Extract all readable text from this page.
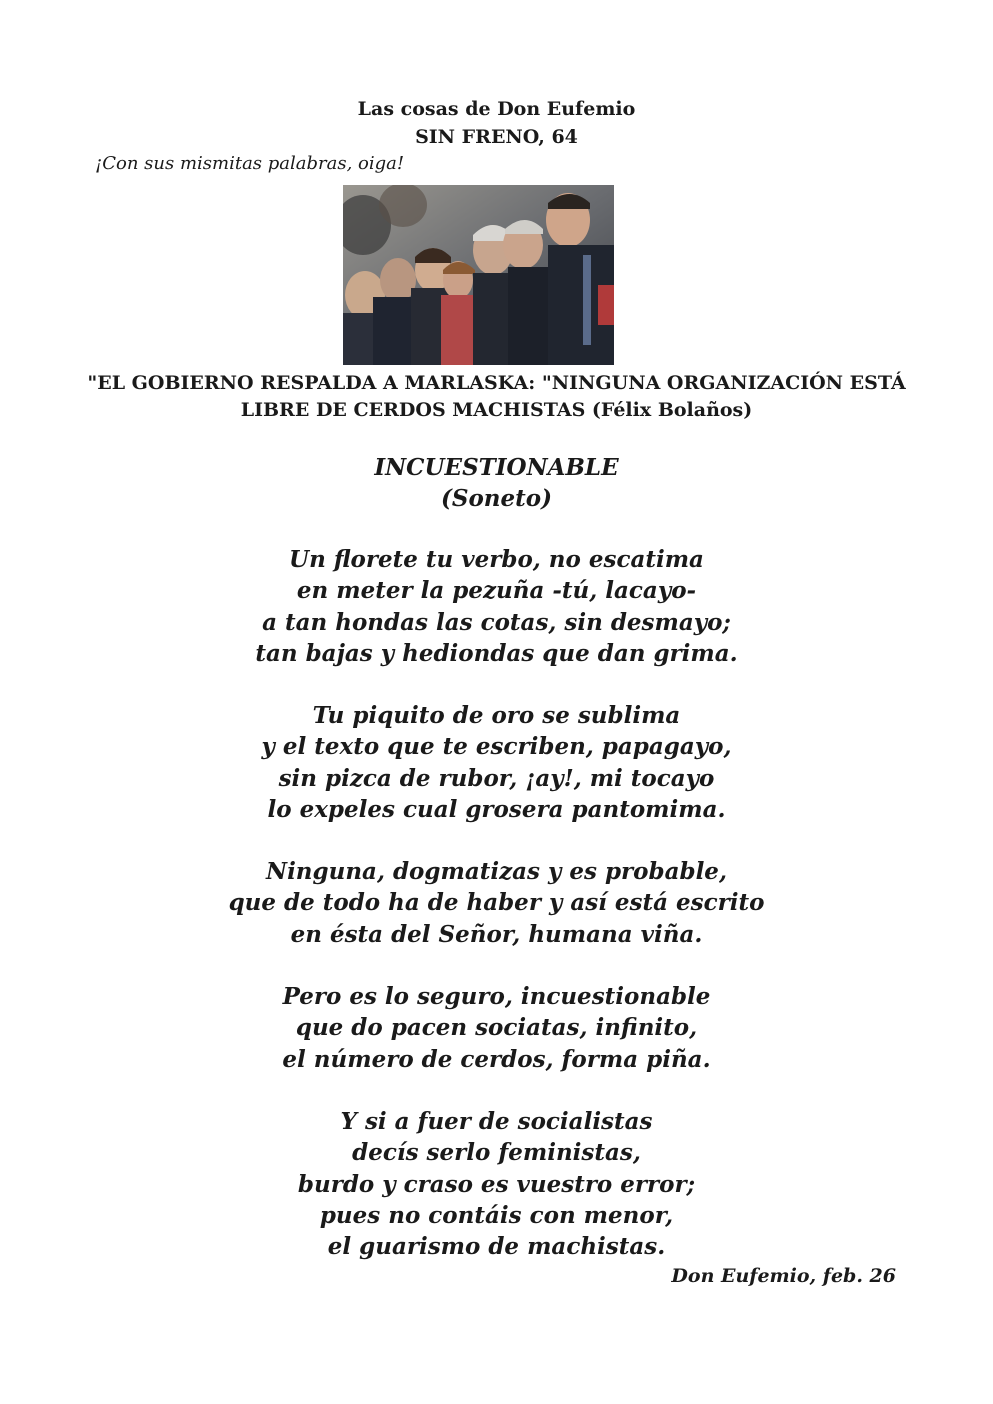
Las cosas de Don Eufemio
SIN FRENO, 64
¡Con sus mismitas palabras, oiga!
"EL GOBIERNO RESPALDA A MARLASKA: "NINGUNA ORGANIZACIÓN ESTÁ
LIBRE DE CERDOS MACHISTAS (Félix Bolaños)
INCUESTIONABLE
(Soneto)
Un florete tu verbo, no escatima
en meter la pezuña -tú, lacayo-
a tan hondas las cotas, sin desmayo;
tan bajas y hediondas que dan grima.
Tu piquito de oro se sublima
y el texto que te escriben, papagayo,
sin pizca de rubor, ¡ay!, mi tocayo
lo expeles cual grosera pantomima.
Ninguna, dogmatizas y es probable,
que de todo ha de haber y así está escrito
en ésta del Señor, humana viña.
Pero es lo seguro, incuestionable
que do pacen sociatas, infinito,
el número de cerdos, forma piña.
Y si a fuer de socialistas
decís serlo feministas,
burdo y craso es vuestro error;
pues no contáis con menor,
el guarismo de machistas.
Don Eufemio, feb. 26
